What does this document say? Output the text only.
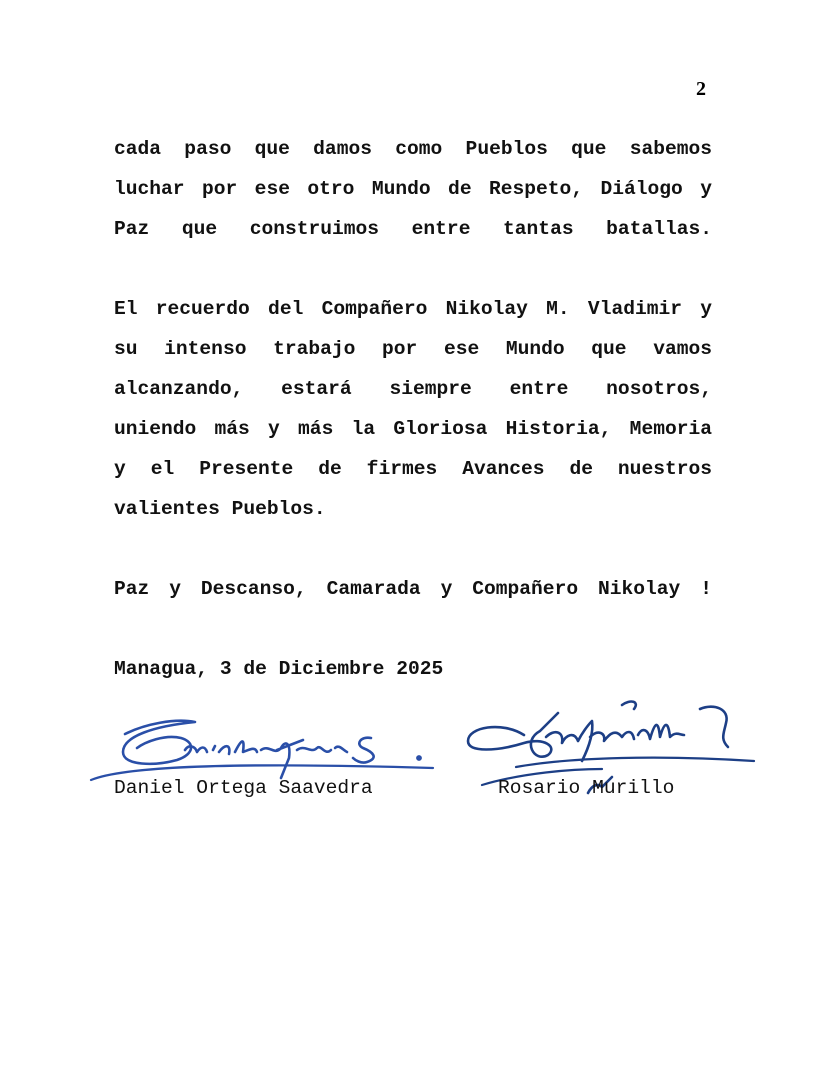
2
cada paso que damos como Pueblos que sabemos
luchar por ese otro Mundo de Respeto, Diálogo y
Paz que construimos entre tantas batallas.
El recuerdo del Compañero Nikolay M. Vladimir y
su intenso trabajo por ese Mundo que vamos
alcanzando, estará siempre entre nosotros,
uniendo más y más la Gloriosa Historia, Memoria
y el Presente de firmes Avances de nuestros
valientes Pueblos.
Paz y Descanso, Camarada y Compañero Nikolay !
Managua, 3 de Diciembre 2025
Daniel Ortega Saavedra	Rosario Murillo
